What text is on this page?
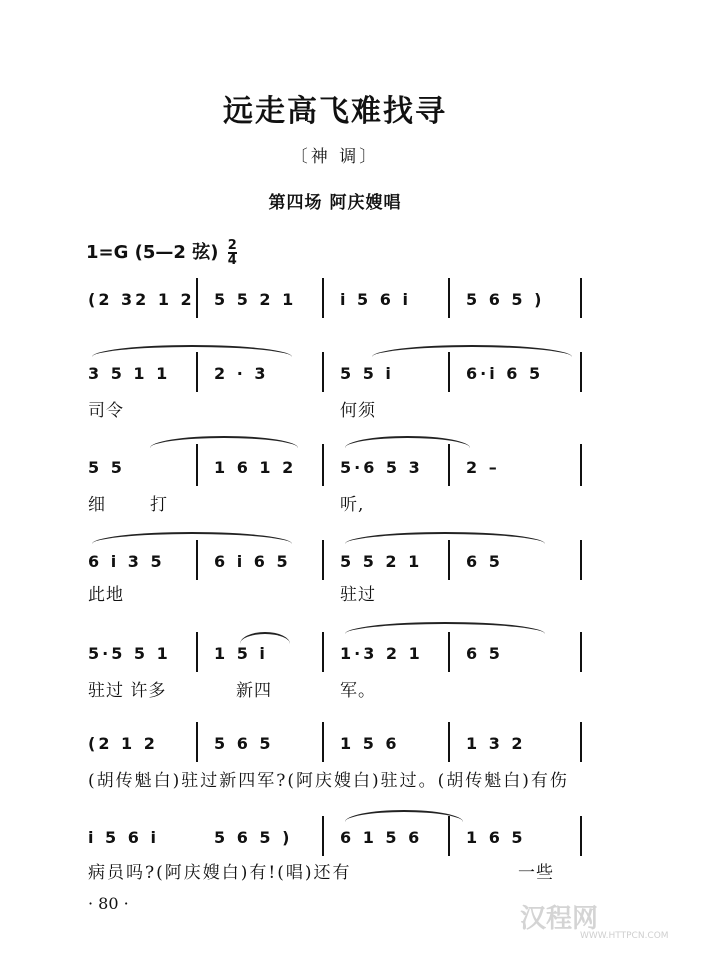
远走高飞难找寻
〔神 调〕
第四场 阿庆嫂唱
1=G (5—2 弦) $\frac{2}{4}$
(2 32 1 2 5 5 2 1	i 5 6 i	5 6 5 )
3 5 1 1	2 · 3	5 5 i	6·i 6 5
司令	何须
5 5	1 6 1 2	5·6 5 3	2 –
细	打	听,
6 i 3 5	6 i 6 5	5 5 2 1	6 5
此地	驻过
5·5 5 1	1 5 i	1·3 2 1	6 5
驻过 许多	新四	军。
(2 1 2	5 6 5	1 5 6	1 3 2
(胡传魁白)驻过新四军?(阿庆嫂白)驻过。(胡传魁白)有伤
i 5 6 i	5 6 5 )	6 1 5 6	1 6 5
病员吗?(阿庆嫂白)有!(唱)还有	一些
· 80 ·
汉程网
WWW.HTTPCN.COM
